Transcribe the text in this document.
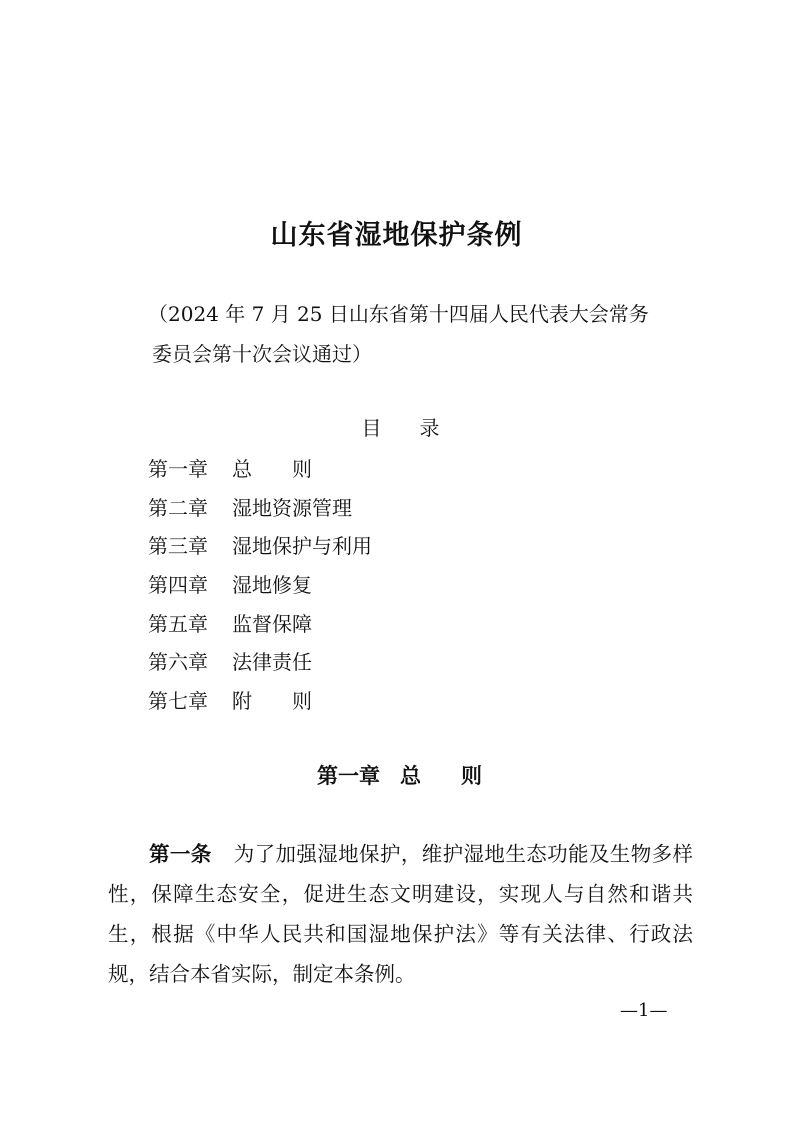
山东省湿地保护条例
（2024 年 7 月 25 日山东省第十四届人民代表大会常务
委员会第十次会议通过）
目 录
第一章 总则
第二章 湿地资源管理
第三章 湿地保护与利用
第四章 湿地修复
第五章 监督保障
第六章 法律责任
第七章 附则
第一章 总则

第一条 为了加强湿地保护，维护湿地生态功能及生物多样性，保障生态安全，促进生态文明建设，实现人与自然和谐共生，根据《中华人民共和国湿地保护法》等有关法律、行政法规，结合本省实际，制定本条例。

—1—
